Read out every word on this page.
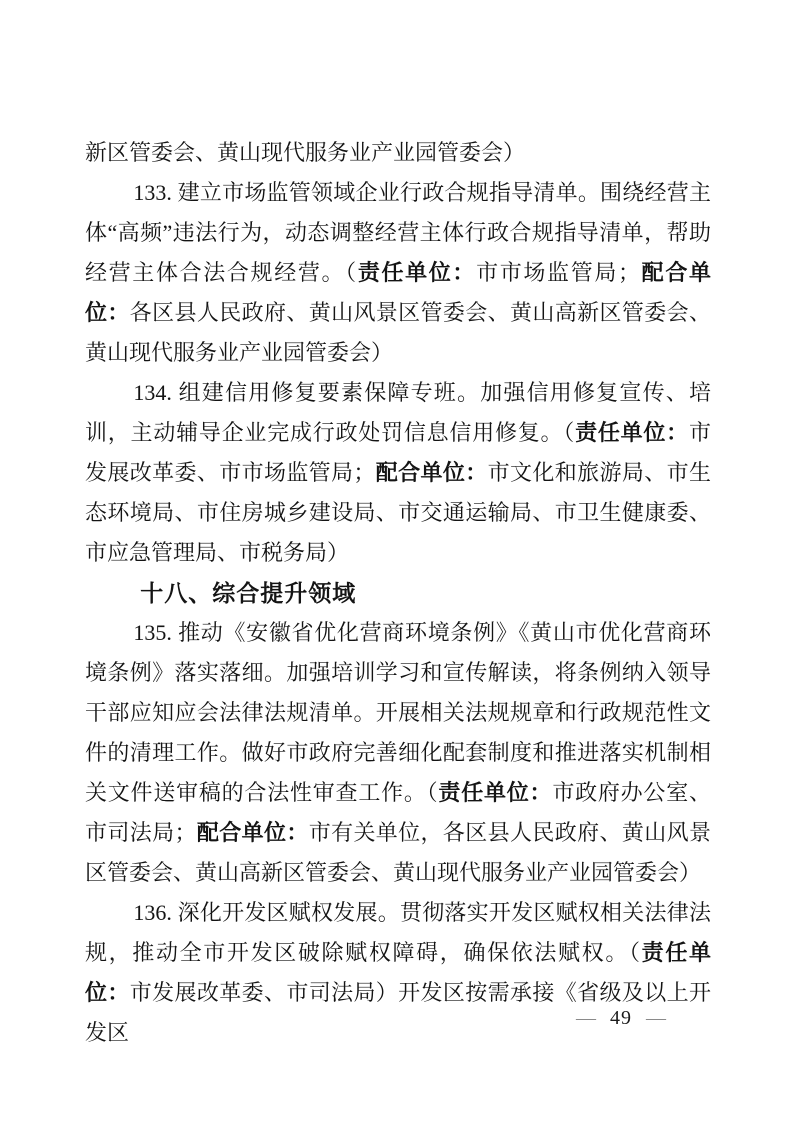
新区管委会、黄山现代服务业产业园管委会）

133. 建立市场监管领域企业行政合规指导清单。围绕经营主体“高频”违法行为，动态调整经营主体行政合规指导清单，帮助经营主体合法合规经营。（责任单位：市市场监管局；配合单位：各区县人民政府、黄山风景区管委会、黄山高新区管委会、黄山现代服务业产业园管委会）

134. 组建信用修复要素保障专班。加强信用修复宣传、培训，主动辅导企业完成行政处罚信息信用修复。（责任单位：市发展改革委、市市场监管局；配合单位：市文化和旅游局、市生态环境局、市住房城乡建设局、市交通运输局、市卫生健康委、市应急管理局、市税务局）

十八、综合提升领域

135. 推动《安徽省优化营商环境条例》《黄山市优化营商环境条例》落实落细。加强培训学习和宣传解读，将条例纳入领导干部应知应会法律法规清单。开展相关法规规章和行政规范性文件的清理工作。做好市政府完善细化配套制度和推进落实机制相关文件送审稿的合法性审查工作。（责任单位：市政府办公室、市司法局；配合单位：市有关单位，各区县人民政府、黄山风景区管委会、黄山高新区管委会、黄山现代服务业产业园管委会）

136. 深化开发区赋权发展。贯彻落实开发区赋权相关法律法规，推动全市开发区破除赋权障碍，确保依法赋权。（责任单位：市发展改革委、市司法局）开发区按需承接《省级及以上开发区

— 49 —
